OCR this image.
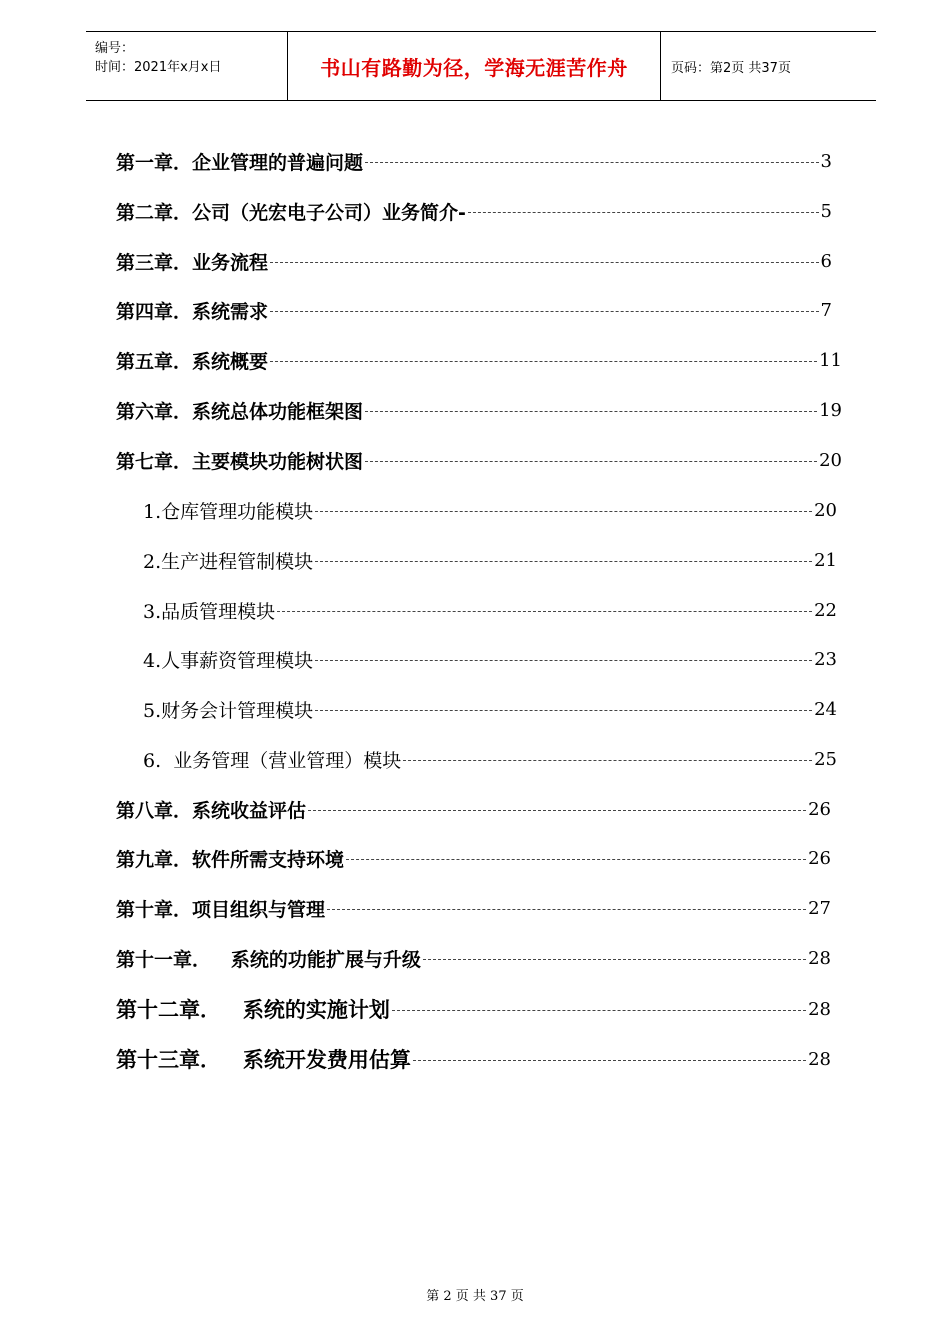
编号：
时间：2021年x月x日	书山有路勤为径，学海无涯苦作舟	页码：第2页 共37页
第一章．企业管理的普遍问题	3
第二章．公司（光宏电子公司）业务简介-	5
第三章．业务流程	6
第四章．系统需求	7
第五章．系统概要	11
第六章．系统总体功能框架图	19
第七章．主要模块功能树状图	20
1.仓库管理功能模块	20
2.生产进程管制模块	21
3.品质管理模块	22
4.人事薪资管理模块	23
5.财务会计管理模块	24
6.  业务管理（营业管理）模块	25
第八章．系统收益评估	26
第九章．软件所需支持环境	26
第十章．项目组织与管理	27
第十一章．   系统的功能扩展与升级	28
第十二章．   系统的实施计划	28
第十三章．   系统开发费用估算	28
第 2 页 共 37 页
